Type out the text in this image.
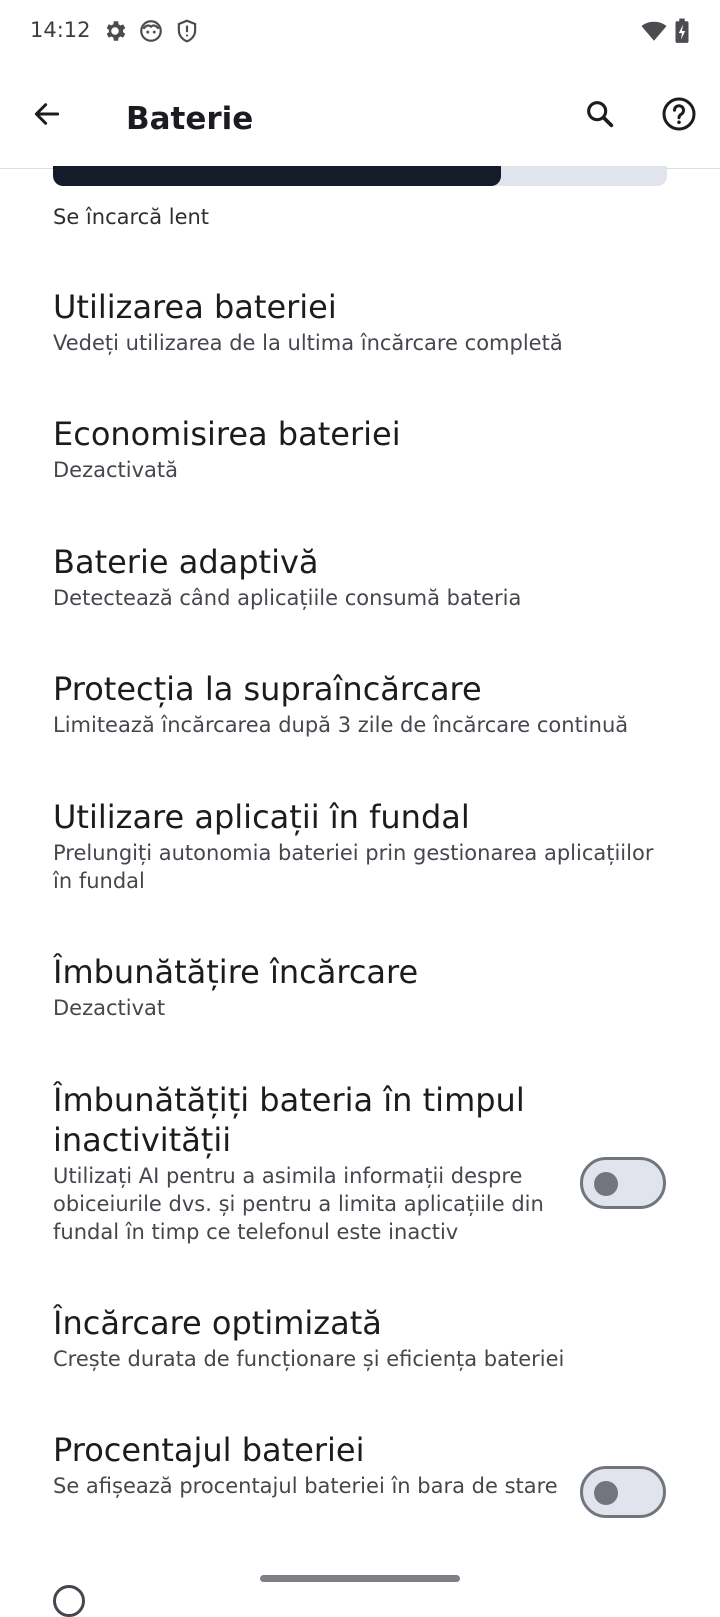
14:12
Baterie
Se încarcă lent
Utilizarea bateriei
Vedeți utilizarea de la ultima încărcare completă
Economisirea bateriei
Dezactivată
Baterie adaptivă
Detectează când aplicațiile consumă bateria
Protecția la supraîncărcare
Limitează încărcarea după 3 zile de încărcare continuă
Utilizare aplicații în fundal
Prelungiți autonomia bateriei prin gestionarea aplicațiilor în fundal
Îmbunătățire încărcare
Dezactivat
Îmbunătățiți bateria în timpul inactivității
Utilizați AI pentru a asimila informații despre obiceiurile dvs. și pentru a limita aplicațiile din fundal în timp ce telefonul este inactiv
Încărcare optimizată
Crește durata de funcționare și eficiența bateriei
Procentajul bateriei
Se afișează procentajul bateriei în bara de stare
